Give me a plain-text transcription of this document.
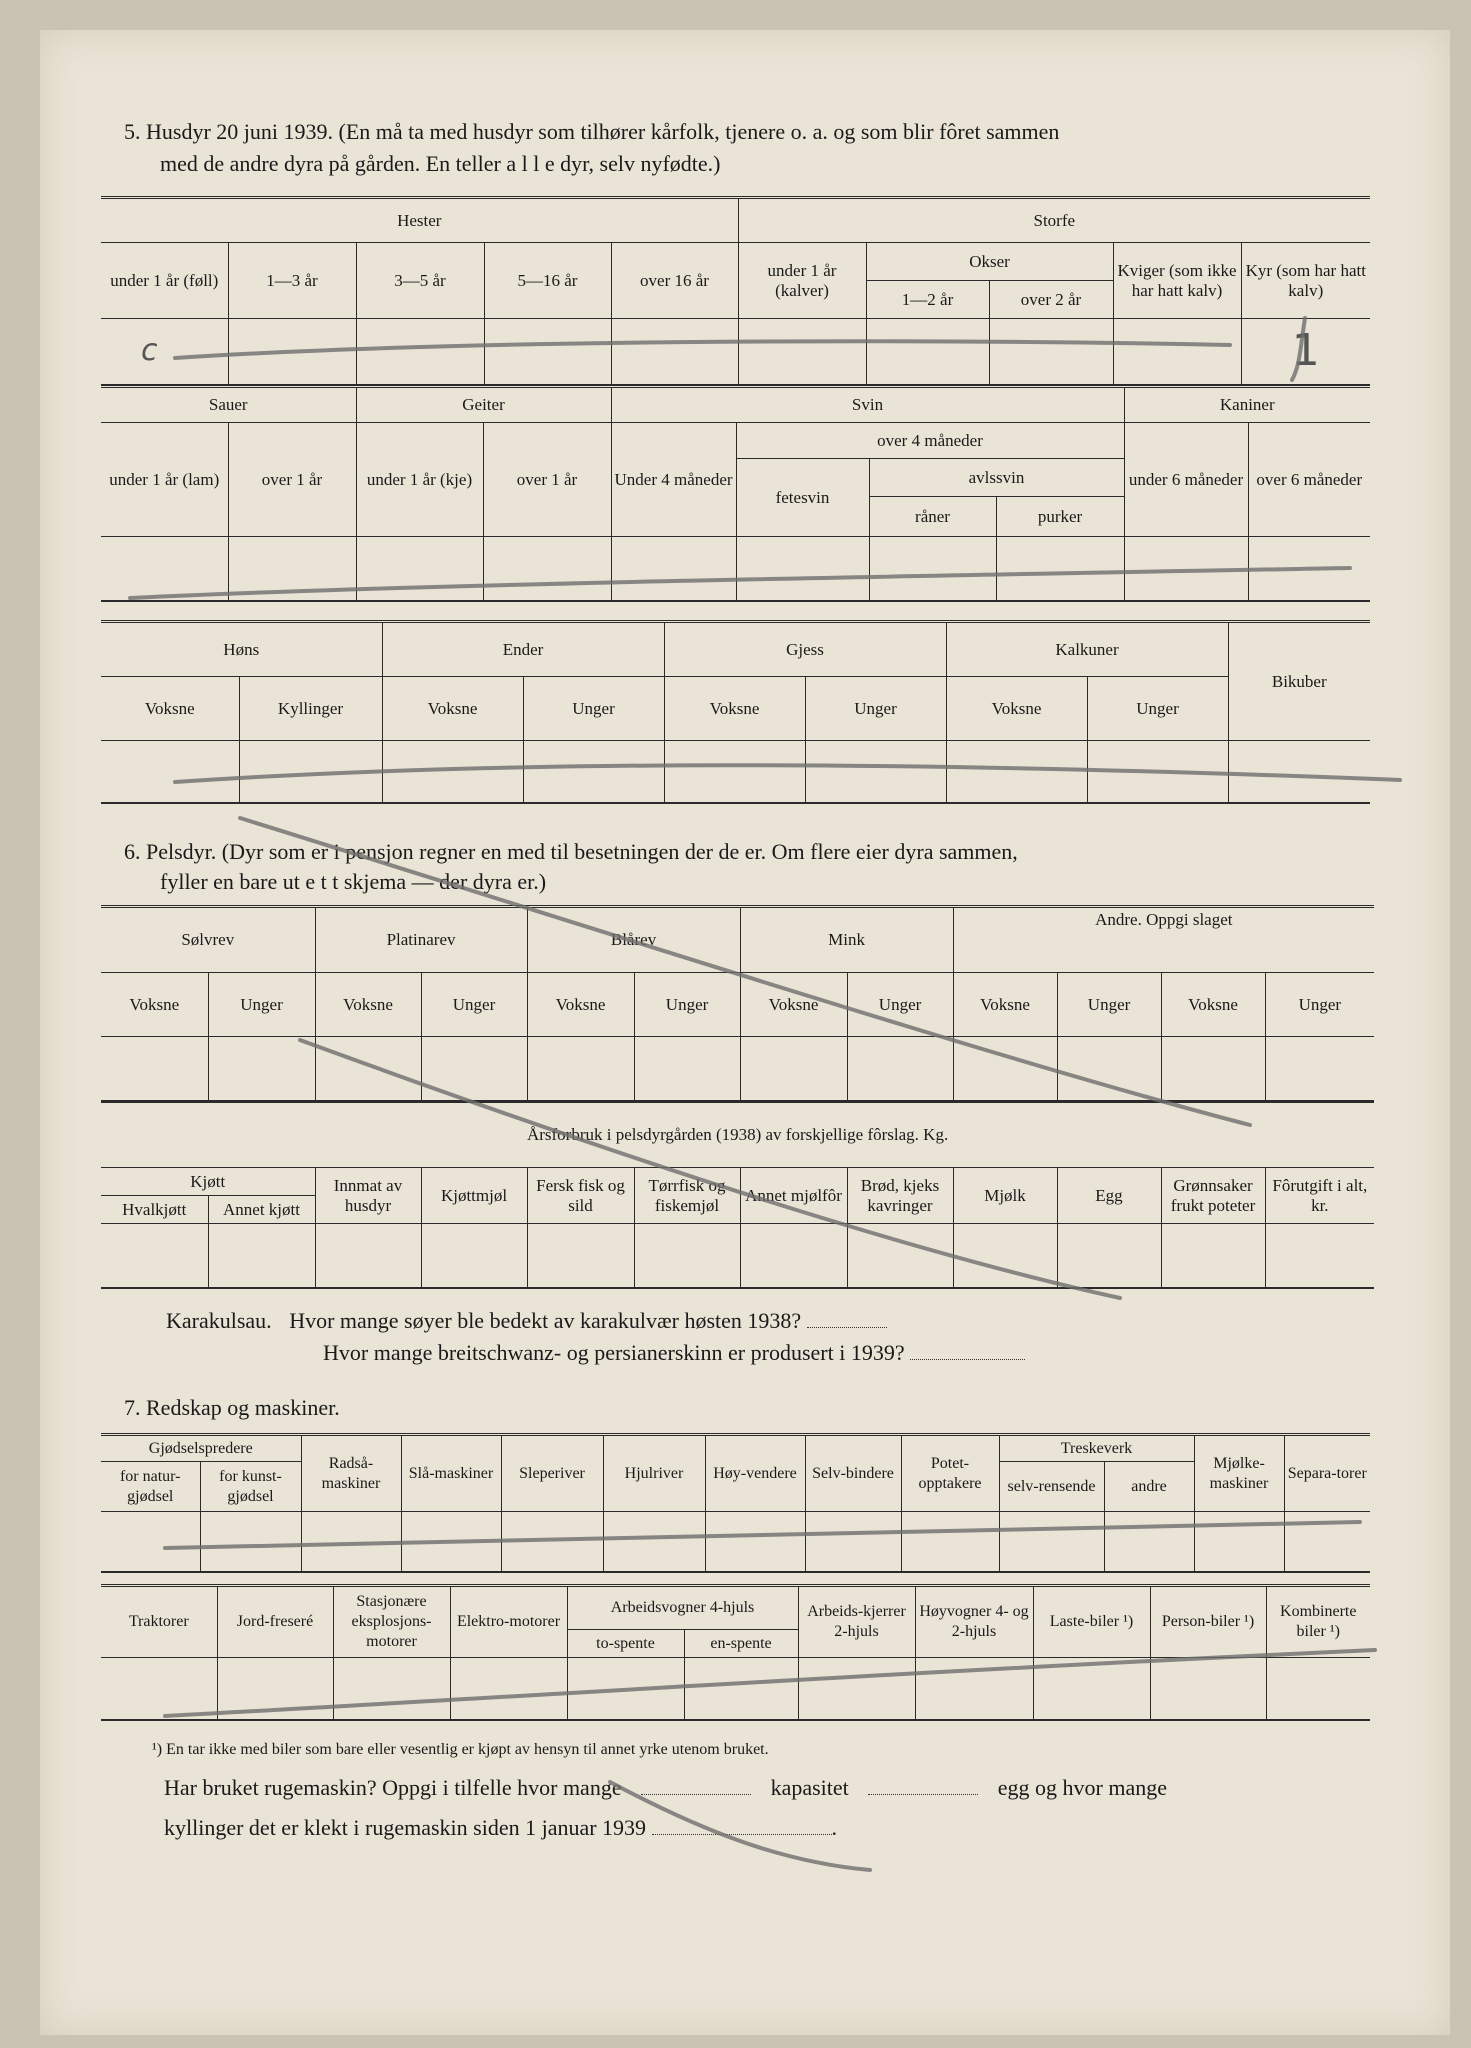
5. Husdyr 20 juni 1939. (En må ta med husdyr som tilhører kårfolk, tjenere o. a. og som blir fôret sammen
med de andre dyra på gården. En teller a l l e dyr, selv nyfødte.)
Hester					Storfe				
under 1 år (føll)	1—3 år	3—5 år	5—16 år	over 16 år	under 1 år (kalver)	Okser		Kviger (som ikke har hatt kalv)	Kyr (som har hatt kalv)
						1—2 år	over 2 år		
c									1
Sauer		Geiter		Svin				Kaniner	
under 1 år (lam)	over 1 år	under 1 år (kje)	over 1 år	Under 4 måneder	over 4 måneder			under 6 måneder	over 6 måneder
					fetesvin	avlssvin			
						råner	purker		

Høns		Ender		Gjess		Kalkuner		Bikuber
Voksne	Kyllinger	Voksne	Unger	Voksne	Unger	Voksne	Unger	

6. Pelsdyr. (Dyr som er i pensjon regner en med til besetningen der de er. Om flere eier dyra sammen,
fyller en bare ut e t t skjema — der dyra er.)
Sølvrev		Platinarev		Blårev		Mink		Andre. Oppgi slaget			
Voksne	Unger	Voksne	Unger	Voksne	Unger	Voksne	Unger	Voksne	Unger	Voksne	Unger

Årsforbruk i pelsdyrgården (1938) av forskjellige fôrslag. Kg.											
Kjøtt		Innmat av husdyr	Kjøttmjøl	Fersk fisk og sild	Tørrfisk og fiskemjøl	Annet mjølfôr	Brød, kjeks kavringer	Mjølk	Egg	Grønnsaker frukt poteter	Fôrutgift i alt, kr.
Hvalkjøtt	Annet kjøtt										

Karakulsau. Hvor mange søyer ble bedekt av karakulvær høsten 1938?
Hvor mange breitschwanz- og persianerskinn er produsert i 1939?
7. Redskap og maskiner.
Gjødselspredere		Radså-maskiner	Slå-maskiner	Sleperiver	Hjulriver	Høy-vendere	Selv-bindere	Potet-opptakere	Treskeverk		Mjølke-maskiner	Separa-torer
for natur-gjødsel	for kunst-gjødsel								selv-rensende	andre		

Traktorer	Jord-freseré	Stasjonære eksplosjons-motorer	Elektro-motorer	Arbeidsvogner 4-hjuls		Arbeids-kjerrer 2-hjuls	Høyvogner 4- og 2-hjuls	Laste-biler ¹)	Person-biler ¹)	Kombinerte biler ¹)
				to-spente	en-spente					

¹) En tar ikke med biler som bare eller vesentlig er kjøpt av hensyn til annet yrke utenom bruket.
Har bruket rugemaskin? Oppgi i tilfelle hvor mange	kapasitet	egg og hvor mange
kyllinger det er klekt i rugemaskin siden 1 januar 1939	.
